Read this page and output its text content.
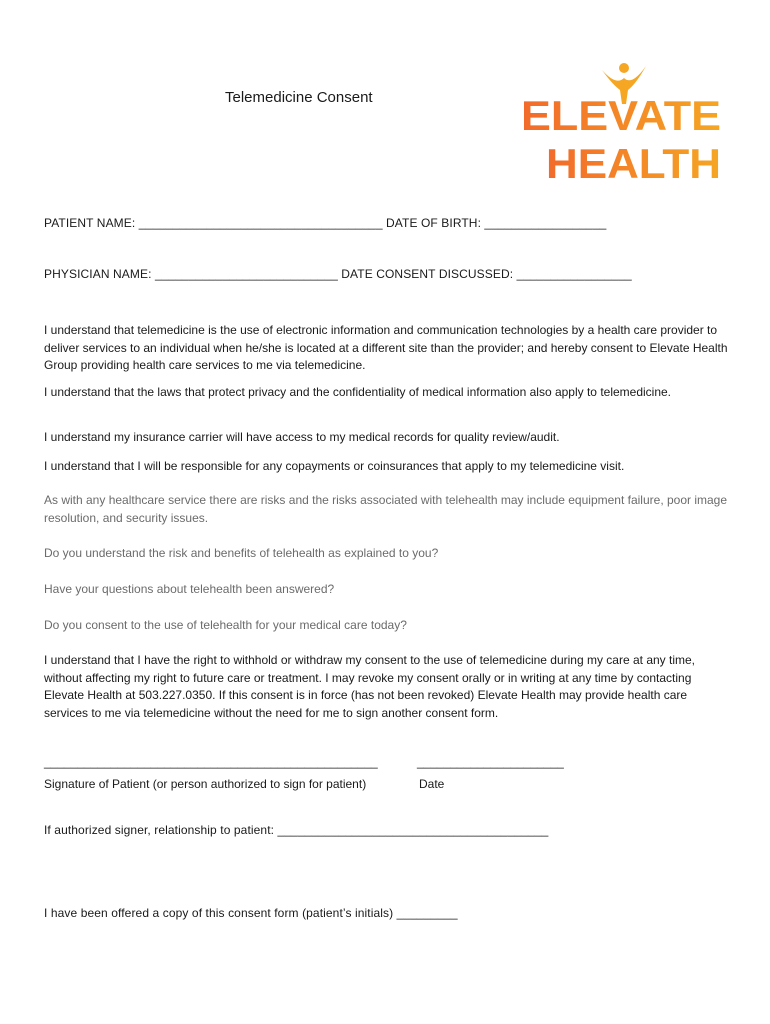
Telemedicine Consent	ELEVATE
HEALTH
PATIENT NAME: ____________________________________ DATE OF BIRTH: __________________
PHYSICIAN NAME: ___________________________ DATE CONSENT DISCUSSED: _________________
I understand that telemedicine is the use of electronic information and communication technologies by a health care provider to deliver services to an individual when he/she is located at a different site than the provider; and hereby consent to Elevate Health Group providing health care services to me via telemedicine.
I understand that the laws that protect privacy and the confidentiality of medical information also apply to telemedicine.
I understand my insurance carrier will have access to my medical records for quality review/audit.
I understand that I will be responsible for any copayments or coinsurances that apply to my telemedicine visit.
As with any healthcare service there are risks and the risks associated with telehealth may include equipment failure, poor image resolution, and security issues.
Do you understand the risk and benefits of telehealth as explained to you?
Have your questions about telehealth been answered?
Do you consent to the use of telehealth for your medical care today?
I understand that I have the right to withhold or withdraw my consent to the use of telemedicine during my care at any time, without affecting my right to future care or treatment. I may revoke my consent orally or in writing at any time by contacting Elevate Health at 503.227.0350. If this consent is in force (has not been revoked) Elevate Health may provide health care services to me via telemedicine without the need for me to sign another consent form.
__________________________________________________	______________________
Signature of Patient (or person authorized to sign for patient)	Date
If authorized signer, relationship to patient: ________________________________________
I have been offered a copy of this consent form (patient’s initials) _________
